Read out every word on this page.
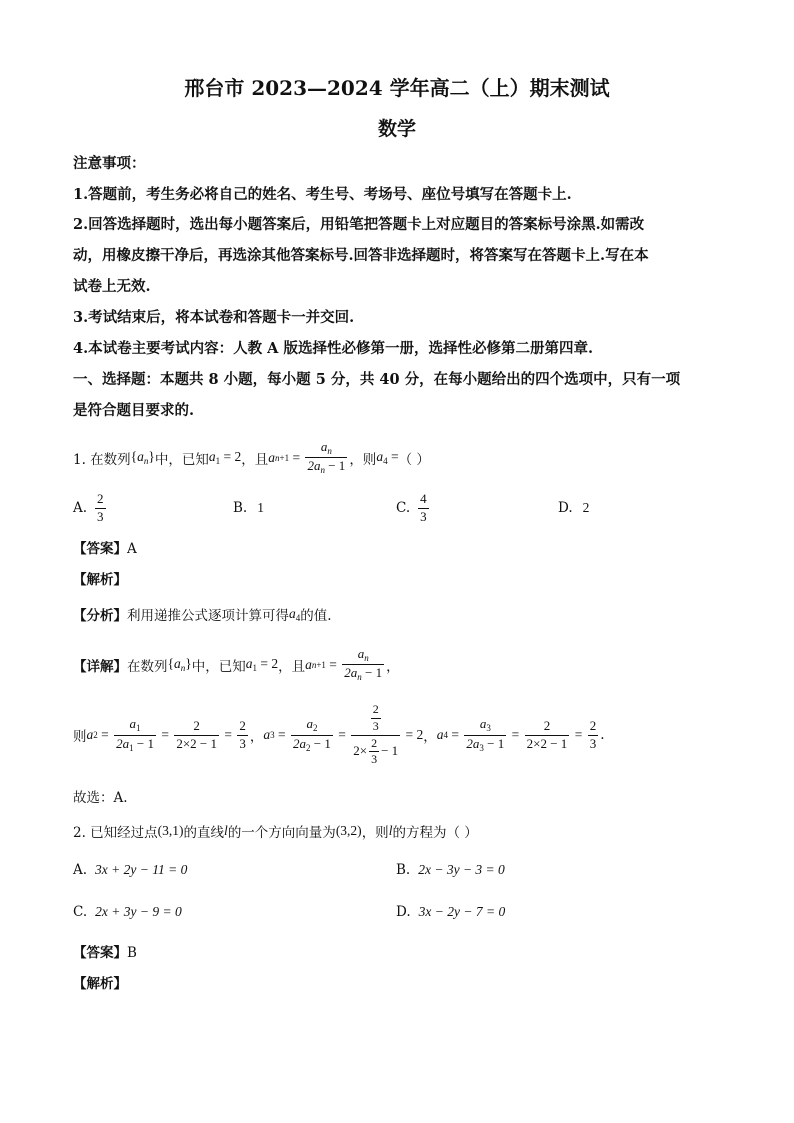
邢台市 2023—2024 学年高二（上）期末测试
数学
注意事项：
1.答题前，考生务必将自己的姓名、考生号、考场号、座位号填写在答题卡上.
2.回答选择题时，选出每小题答案后，用铅笔把答题卡上对应题目的答案标号涂黑.如需改
动，用橡皮擦干净后，再选涂其他答案标号.回答非选择题时，将答案写在答题卡上.写在本
试卷上无效.
3.考试结束后，将本试卷和答题卡一并交回.
4.本试卷主要考试内容：人教 A 版选择性必修第一册，选择性必修第二册第四章.
一、选择题：本题共 8 小题，每小题 5 分，共 40 分，在每小题给出的四个选项中，只有一项
是符合题目要求的.
1. 在数列 $\{a_n\}$ 中，已知 $a_1 = 2$ ，且 a $n +1 = \frac{a_n}{2a_n - 1}$ ，则 $a_4$ = （ ）
A. $\frac{2}{3}$	B. 1	C. $\frac{4}{3}$	D. 2
【答案】A
【解析】
【分析】 利用递推公式逐项计算可得 $a_4$ 的值.
【详解】 在数列 $\{a_n\}$ 中，已知 $a_1 = 2$ ，且 a $n +1 = \frac{a_n}{2a_n - 1}$ ，
则 a $2 = \frac{a_1}{2a_1 - 1} = \frac{2}{2\times 2 - 1} = \frac{2}{3}$ ， a $3 = \frac{a_2}{2a_2 - 1} = \frac{\frac{2}{3}}{2\times \frac{2}{3} - 1} = 2$ ， a $4 = \frac{a_3}{2a_3 - 1} = \frac{2}{2\times 2 - 1} = \frac{2}{3}$ .
故选：A.
2. 已知经过点 (3,1) 的直线 l 的一个方向向量为 (3,2) ，则 l 的方程为（ ）
A. 3x + 2y − 11 = 0	B. 2x − 3y − 3 = 0
C. 2x + 3y − 9 = 0	D. 3x − 2y − 7 = 0
【答案】B
【解析】
